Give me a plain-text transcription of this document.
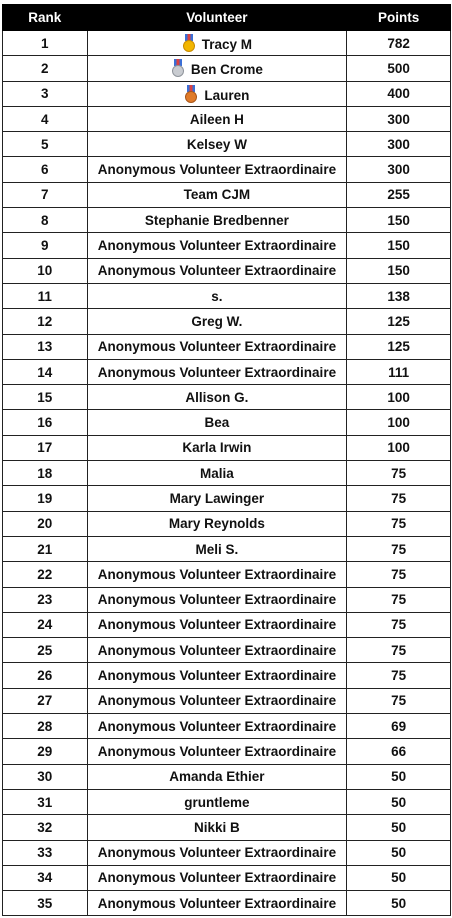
Rank	Volunteer	Points
1	Tracy M	782
2	Ben Crome	500
3	Lauren	400
4	Aileen H	300
5	Kelsey W	300
6	Anonymous Volunteer Extraordinaire	300
7	Team CJM	255
8	Stephanie Bredbenner	150
9	Anonymous Volunteer Extraordinaire	150
10	Anonymous Volunteer Extraordinaire	150
11	s.	138
12	Greg W.	125
13	Anonymous Volunteer Extraordinaire	125
14	Anonymous Volunteer Extraordinaire	111
15	Allison G.	100
16	Bea	100
17	Karla Irwin	100
18	Malia	75
19	Mary Lawinger	75
20	Mary Reynolds	75
21	Meli S.	75
22	Anonymous Volunteer Extraordinaire	75
23	Anonymous Volunteer Extraordinaire	75
24	Anonymous Volunteer Extraordinaire	75
25	Anonymous Volunteer Extraordinaire	75
26	Anonymous Volunteer Extraordinaire	75
27	Anonymous Volunteer Extraordinaire	75
28	Anonymous Volunteer Extraordinaire	69
29	Anonymous Volunteer Extraordinaire	66
30	Amanda Ethier	50
31	gruntleme	50
32	Nikki B	50
33	Anonymous Volunteer Extraordinaire	50
34	Anonymous Volunteer Extraordinaire	50
35	Anonymous Volunteer Extraordinaire	50
